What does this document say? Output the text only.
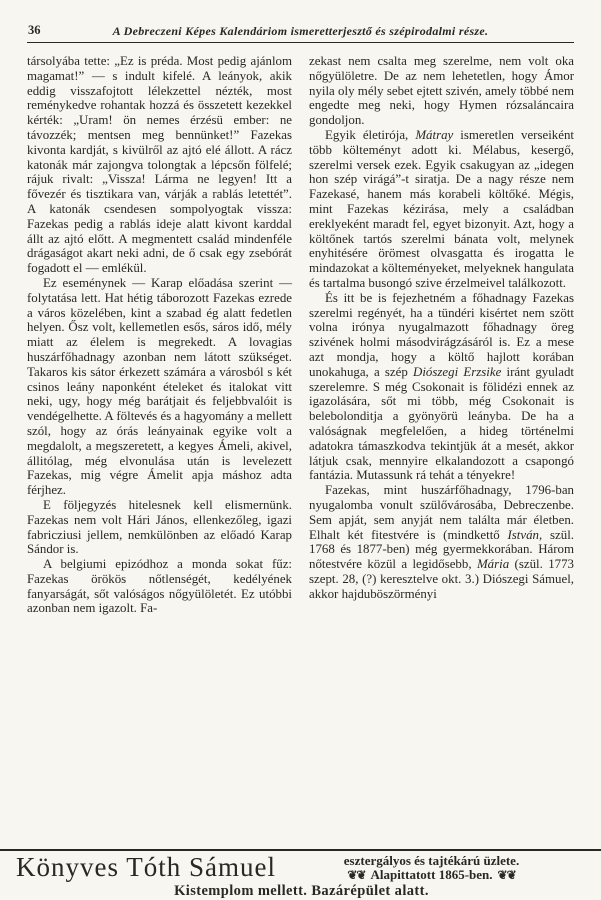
36	A Debreczeni Képes Kalendáriom ismeretterjesztő és szépirodalmi része.

társolyába tette: „Ez is préda. Most pedig ajánlom magamat!” — s indult kifelé. A leányok, akik eddig visszafojtott lélekzettel nézték, most reménykedve rohantak hozzá és összetett kezekkel kérték: „Uram! ön nemes érzésü ember: ne távozzék; mentsen meg bennünket!” Fazekas kivonta kardját, s kivülről az ajtó elé állott. A rácz katonák már zajongva tolongtak a lépcsőn fölfelé; rájuk rivalt: „Vissza! Lárma ne legyen! Itt a fővezér és tisztikara van, várják a rablás letettét”. A katonák csendesen sompolyogtak vissza: Fazekas pedig a rablás ideje alatt kivont karddal állt az ajtó előtt. A megmentett család mindenféle drágaságot akart neki adni, de ő csak egy zsebórát fogadott el — emlékül.

Ez eseménynek — Karap előadása szerint — folytatása lett. Hat hétig táborozott Fazekas ezrede a város közelében, kint a szabad ég alatt fedetlen helyen. Ősz volt, kellemetlen esős, sáros idő, mély miatt az élelem is megrekedt. A lovagias huszárfőhadnagy azonban nem látott szükséget. Takaros kis sátor érkezett számára a városból s két csinos leány naponként ételeket és italokat vitt neki, ugy, hogy még barátjait és feljebbvalóit is vendégelhette. A föltevés és a hagyomány a mellett szól, hogy az órás leányainak egyike volt a megdalolt, a megszeretett, a kegyes Ámeli, akivel, állitólag, még elvonulása után is levelezett Fazekas, mig végre Ámelit apja máshoz adta férjhez.

E följegyzés hitelesnek kell elismernünk. Fazekas nem volt Hári János, ellenkezőleg, igazi fabricziusi jellem, nemkülönben az előadó Karap Sándor is.

A belgiumi epizódhoz a monda sokat fűz: Fazekas örökös nőtlenségét, kedélyének fanyarságát, sőt valóságos nőgyülöletét. Ez utóbbi azonban nem igazolt. Fa-

zekast nem csalta meg szerelme, nem volt oka nőgyülöletre. De az nem lehetetlen, hogy Ámor nyila oly mély sebet ejtett szivén, amely többé nem engedte meg neki, hogy Hymen rózsaláncaira gondoljon.

Egyik életirója, Mátray ismeretlen verseiként több költeményt adott ki. Mélabus, kesergő, szerelmi versek ezek. Egyik csakugyan az „idegen hon szép virágá”-t siratja. De a nagy része nem Fazekasé, hanem más korabeli költőké. Mégis, mint Fazekas kézirása, mely a családban ereklyeként maradt fel, egyet bizonyit. Azt, hogy a költőnek tartós szerelmi bánata volt, melynek enyhitésére örömest olvasgatta és irogatta le mindazokat a költeményeket, melyeknek hangulata és tartalma busongó szive érzelmeivel találkozott.

És itt be is fejezhetném a főhadnagy Fazekas szerelmi regényét, ha a tündéri kisértet nem szött volna irónya nyugalmazott főhadnagy öreg szivének holmi másodvirágzásáról is. Ez a mese azt mondja, hogy a költő hajlott korában unokahuga, a szép Diószegi Erzsike iránt gyuladt szerelemre. S még Csokonait is fölidézi ennek az igazolására, sőt mi több, még Csokonait is belebolonditja a gyönyörü leányba. De ha a valóságnak megfelelően, a hideg történelmi adatokra támaszkodva tekintjük át a mesét, akkor látjuk csak, mennyire elkalandozott a csapongó fantázia. Mutassunk rá tehát a tényekre!

Fazekas, mint huszárfőhadnagy, 1796-ban nyugalomba vonult szülővárosába, Debreczenbe. Sem apját, sem anyját nem találta már életben. Elhalt két fitestvére is (mindkettő István, szül. 1768 és 1877-ben) még gyermekkorában. Három nőtestvére közül a legidősebb, Mária (szül. 1773 szept. 28, (?) keresztelve okt. 3.) Diószegi Sámuel, akkor hajduböszörményi

Könyves Tóth Sámuel	esztergályos és tajtékárú üzlete.
❦❦ Alapittatott 1865-ben. ❦❦
Kistemplom mellett. Bazárépület alatt.
